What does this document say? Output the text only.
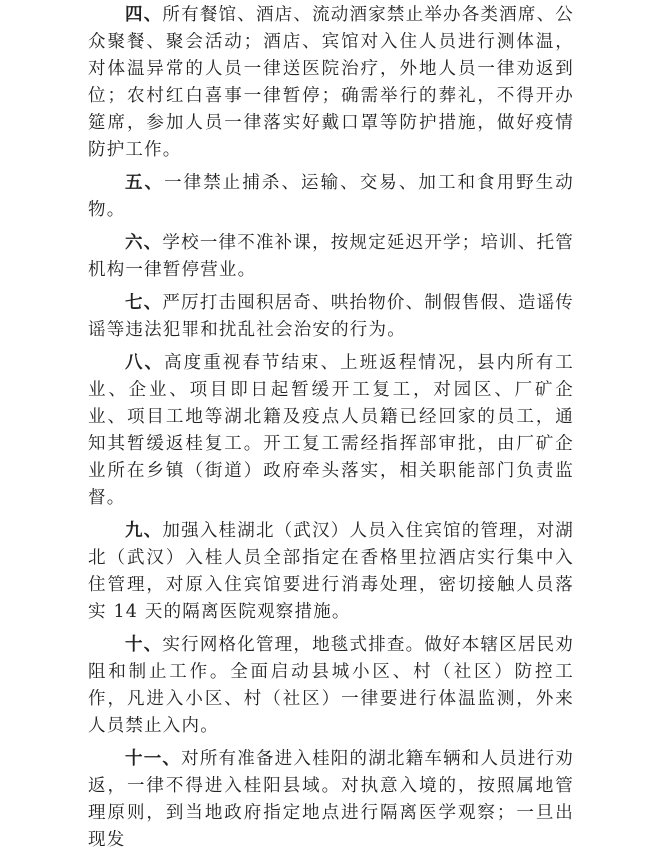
四、所有餐馆、酒店、流动酒家禁止举办各类酒席、公众聚餐、聚会活动；酒店、宾馆对入住人员进行测体温，对体温异常的人员一律送医院治疗，外地人员一律劝返到位；农村红白喜事一律暂停；确需举行的葬礼，不得开办筵席，参加人员一律落实好戴口罩等防护措施，做好疫情防护工作。

五、一律禁止捕杀、运输、交易、加工和食用野生动物。

六、学校一律不准补课，按规定延迟开学；培训、托管机构一律暂停营业。

七、严厉打击囤积居奇、哄抬物价、制假售假、造谣传谣等违法犯罪和扰乱社会治安的行为。

八、高度重视春节结束、上班返程情况，县内所有工业、企业、项目即日起暂缓开工复工，对园区、厂矿企业、项目工地等湖北籍及疫点人员籍已经回家的员工，通知其暂缓返桂复工。开工复工需经指挥部审批，由厂矿企业所在乡镇（街道）政府牵头落实，相关职能部门负责监督。

九、加强入桂湖北（武汉）人员入住宾馆的管理，对湖北（武汉）入桂人员全部指定在香格里拉酒店实行集中入住管理，对原入住宾馆要进行消毒处理，密切接触人员落实 14 天的隔离医院观察措施。

十、实行网格化管理，地毯式排查。做好本辖区居民劝阻和制止工作。全面启动县城小区、村（社区）防控工作，凡进入小区、村（社区）一律要进行体温监测，外来人员禁止入内。

十一、对所有准备进入桂阳的湖北籍车辆和人员进行劝返，一律不得进入桂阳县域。对执意入境的，按照属地管理原则，到当地政府指定地点进行隔离医学观察；一旦出现发
